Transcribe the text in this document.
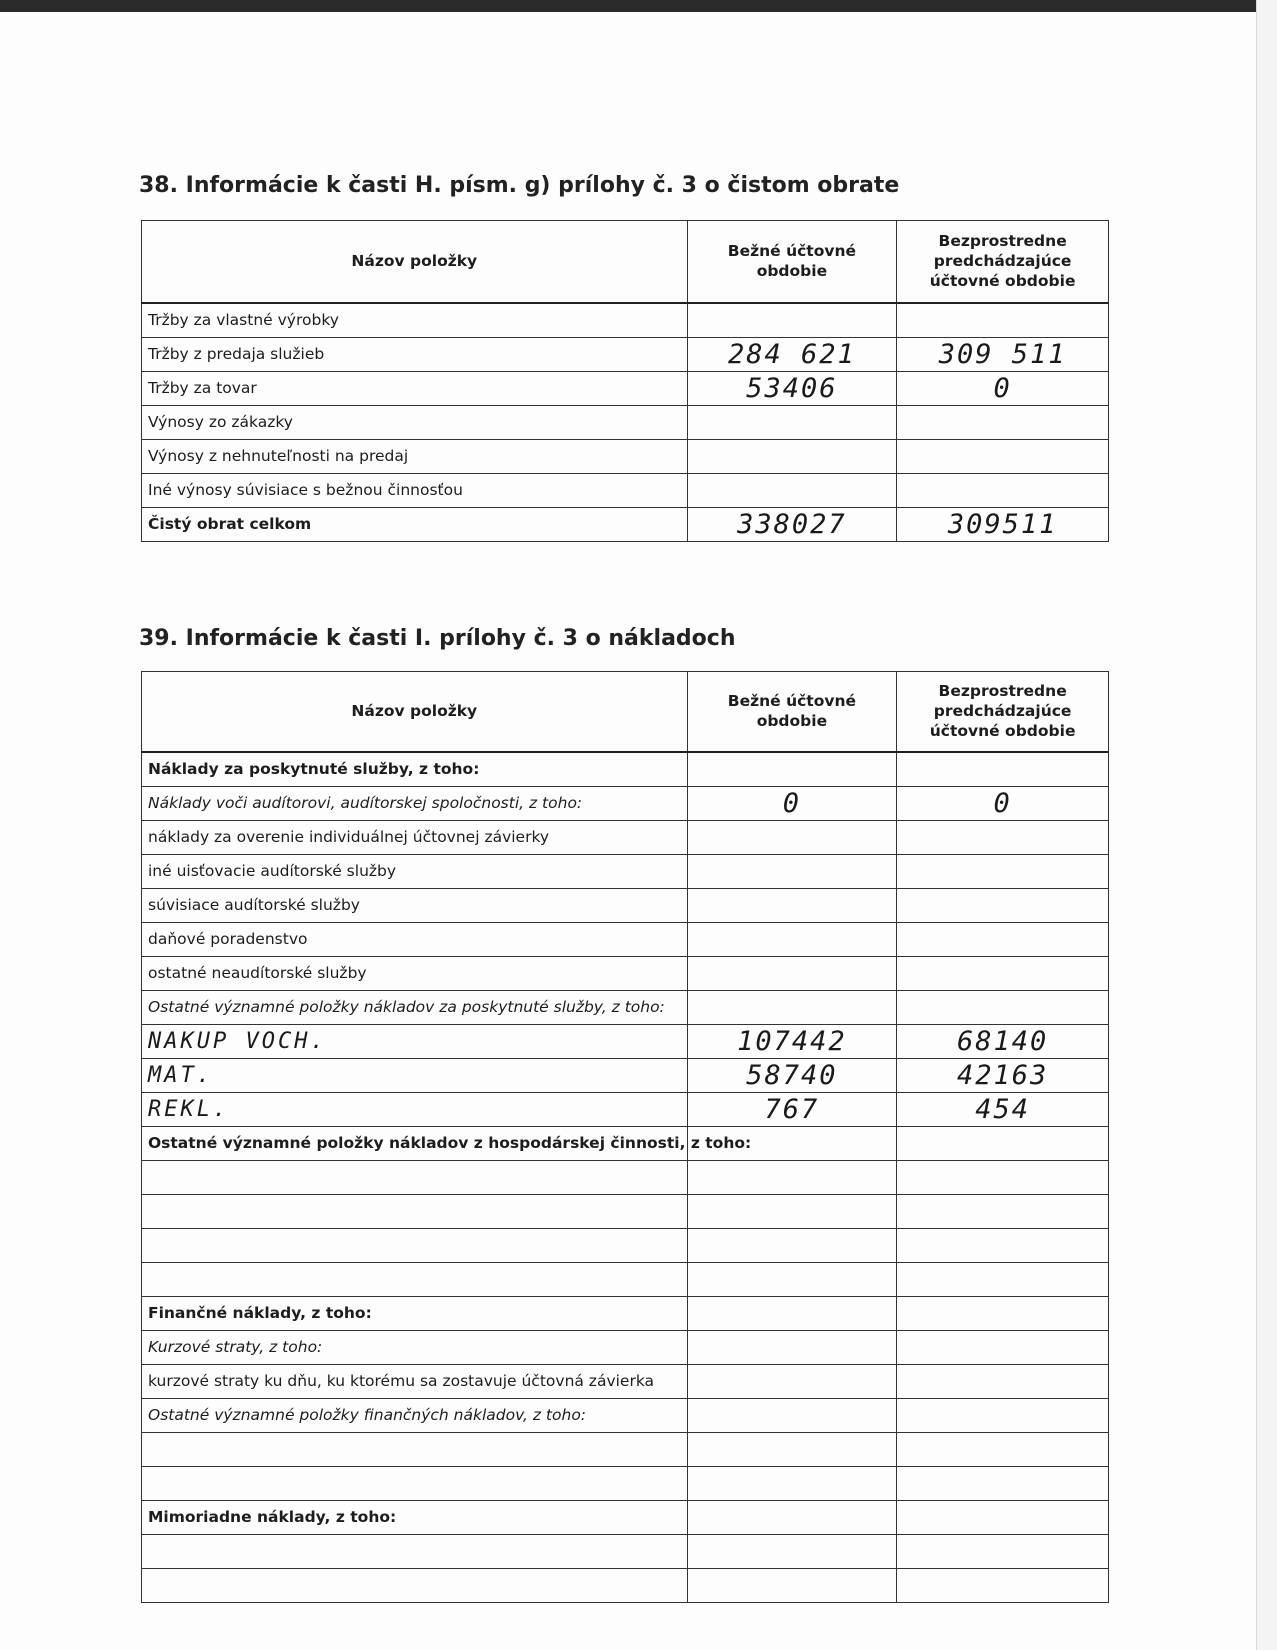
38. Informácie k časti H. písm. g) prílohy č. 3 o čistom obrate
Názov položky	Bežné účtovné obdobie	Bezprostredne predchádzajúce účtovné obdobie
Tržby za vlastné výrobky		
Tržby z predaja služieb	284 621	309 511
Tržby za tovar	53406	0
Výnosy zo zákazky		
Výnosy z nehnuteľnosti na predaj		
Iné výnosy súvisiace s bežnou činnosťou		
Čistý obrat celkom	338027	309511
39. Informácie k časti I. prílohy č. 3 o nákladoch
Názov položky	Bežné účtovné obdobie	Bezprostredne predchádzajúce účtovné obdobie
Náklady za poskytnuté služby, z toho:		
Náklady voči audítorovi, audítorskej spoločnosti, z toho:	0	0
náklady za overenie individuálnej účtovnej závierky		
iné uisťovacie audítorské služby		
súvisiace audítorské služby		
daňové poradenstvo		
ostatné neaudítorské služby		
Ostatné významné položky nákladov za poskytnuté služby, z toho:		
NAKUP VOCH.	107442	68140
MAT.	58740	42163
REKL.	767	454
Ostatné významné položky nákladov z hospodárskej činnosti, z toho:		

Finančné náklady, z toho:		
Kurzové straty, z toho:		
kurzové straty ku dňu, ku ktorému sa zostavuje účtovná závierka		
Ostatné významné položky finančných nákladov, z toho:		

Mimoriadne náklady, z toho:		
